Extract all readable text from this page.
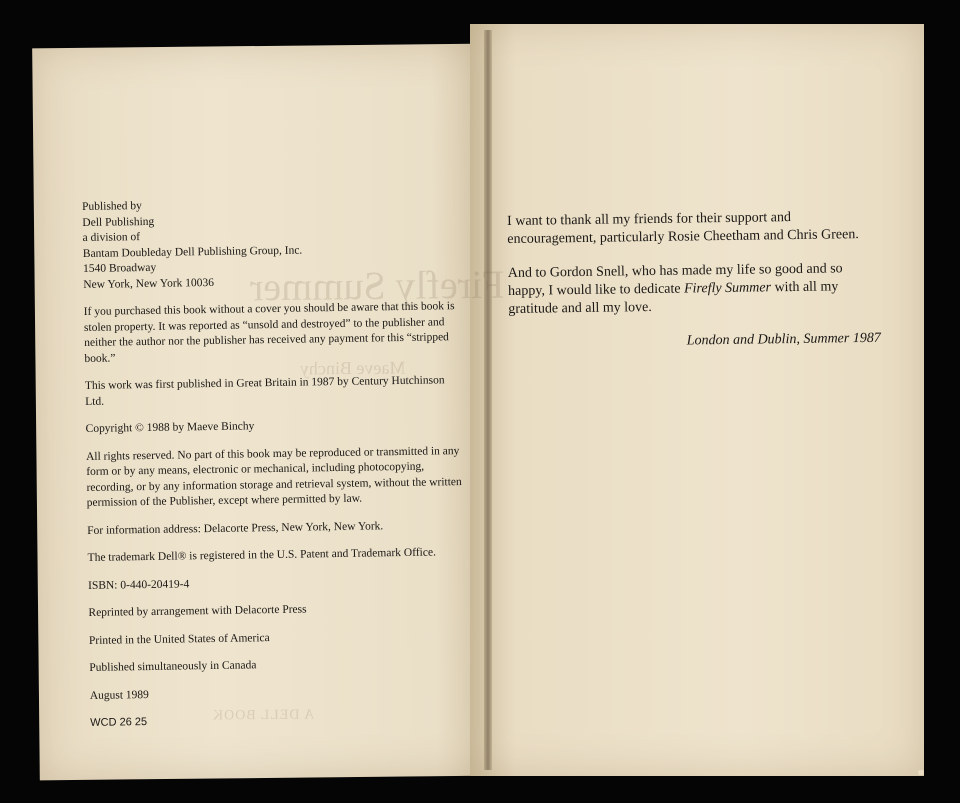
Firefly Summer
Maeve Binchy
A DELL BOOK

Published by
Dell Publishing
a division of
Bantam Doubleday Dell Publishing Group, Inc.
1540 Broadway
New York, New York 10036

If you purchased this book without a cover you should be aware that this book is stolen property. It was reported as “unsold and destroyed” to the publisher and neither the author nor the publisher has received any payment for this “stripped book.”

This work was first published in Great Britain in 1987 by Century Hutchinson Ltd.

Copyright © 1988 by Maeve Binchy

All rights reserved. No part of this book may be reproduced or transmitted in any form or by any means, electronic or mechanical, including photocopying, recording, or by any information storage and retrieval system, without the written permission of the Publisher, except where permitted by law.

For information address: Delacorte Press, New York, New York.

The trademark Dell® is registered in the U.S. Patent and Trademark Office.

ISBN: 0-440-20419-4

Reprinted by arrangement with Delacorte Press

Printed in the United States of America

Published simultaneously in Canada

August 1989

WCD 26 25

I want to thank all my friends for their support and encouragement, particularly Rosie Cheetham and Chris Green.

And to Gordon Snell, who has made my life so good and so happy, I would like to dedicate Firefly Summer with all my gratitude and all my love.

London and Dublin, Summer 1987
